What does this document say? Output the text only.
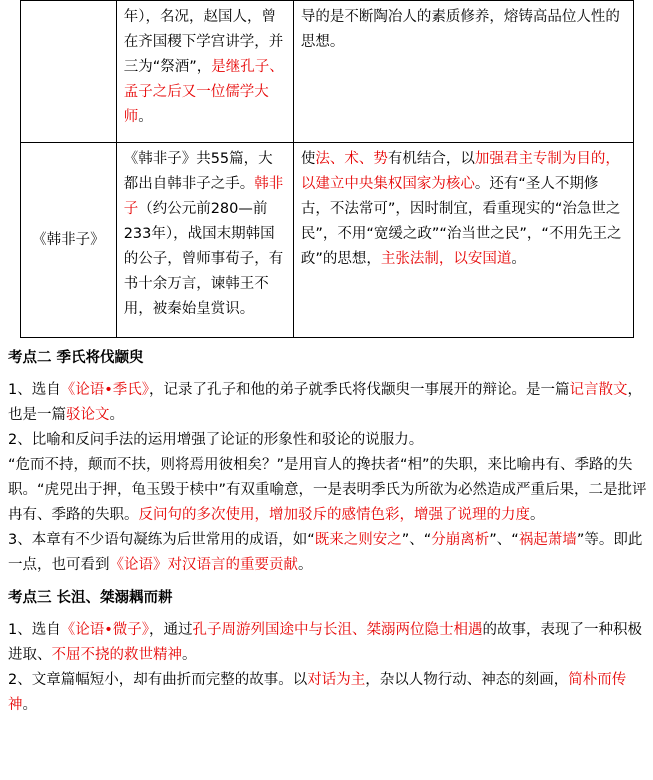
	年），名况，赵国人，曾在齐国稷下学宫讲学，并三为“祭酒”，是继孔子、孟子之后又一位儒学大师。	导的是不断陶冶人的素质修养，熔铸高品位人性的思想。
《韩非子》	《韩非子》共55篇，大都出自韩非子之手。韩非子（约公元前280—前233年），战国末期韩国的公子，曾师事荀子，有书十余万言，谏韩王不用，被秦始皇赏识。	使法、术、势有机结合，以加强君主专制为目的，以建立中央集权国家为核心。还有“圣人不期修古，不法常可”，因时制宜，看重现实的“治急世之民”，不用“宽缓之政”“治当世之民”，“不用先王之政”的思想，主张法制，以安国道。
考点二 季氏将伐颛臾

1、选自《论语•季氏》，记录了孔子和他的弟子就季氏将伐颛臾一事展开的辩论。是一篇记言散文，也是一篇驳论文。

2、比喻和反问手法的运用增强了论证的形象性和驳论的说服力。

“危而不持，颠而不扶，则将焉用彼相矣？”是用盲人的搀扶者“相”的失职，来比喻冉有、季路的失职。“虎兕出于押，龟玉毁于椟中”有双重喻意，一是表明季氏为所欲为必然造成严重后果，二是批评冉有、季路的失职。反问句的多次使用，增加驳斥的感情色彩，增强了说理的力度。

3、本章有不少语句凝练为后世常用的成语，如“既来之则安之”、“分崩离析”、“祸起萧墙”等。即此一点，也可看到《论语》对汉语言的重要贡献。

考点三 长沮、桀溺耦而耕

1、选自《论语•微子》，通过孔子周游列国途中与长沮、桀溺两位隐士相遇的故事，表现了一种积极进取、不屈不挠的救世精神。

2、文章篇幅短小，却有曲折而完整的故事。以对话为主，杂以人物行动、神态的刻画，简朴而传神。
